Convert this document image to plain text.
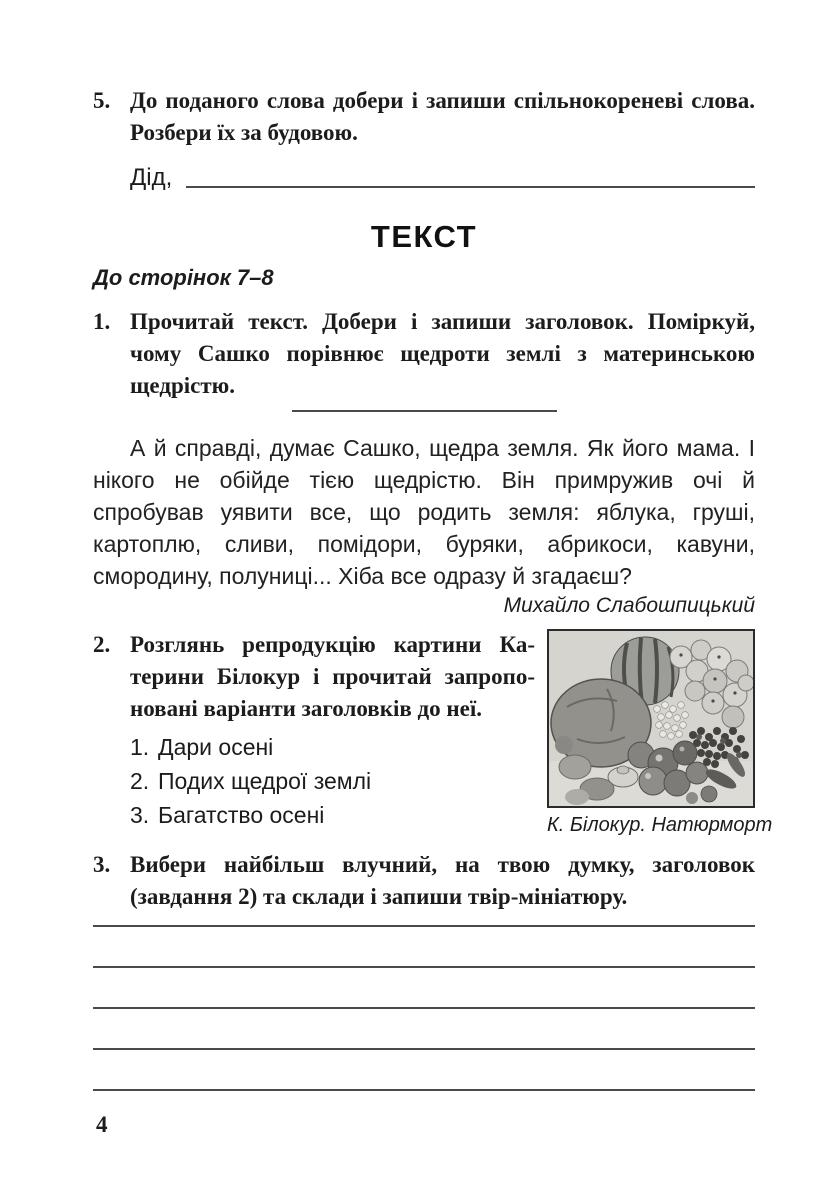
5. До поданого слова добери і запиши спільнокореневі слова. Розбери їх за будовою.
Дід,
ТЕКСТ
До сторінок 7–8
1. Прочитай текст. Добери і запиши заголовок. Поміркуй, чому Сашко порівнює щедроти землі з материнською щедрістю.

А й справді, думає Сашко, щедра земля. Як його мама. І нікого не обійде тією щедрістю. Він примружив очі й спробував уявити все, що родить земля: яблука, груші, картоплю, сливи, помідори, буряки, абрикоси, кавуни, смородину, полуниці... Хіба все одразу й згадаєш?

Михайло Слабошпицький
2. Розглянь репродукцію картини Катерини Білокур і прочитай запропоновані варіанти заголовків до неї.
1. Дари осені
2. Подих щедрої землі
3. Багатство осені	К. Білокур. Натюрморт
3. Вибери найбільш влучний, на твою думку, заголовок (завдання 2) та склади і запиши твір-мініатюру.
4
